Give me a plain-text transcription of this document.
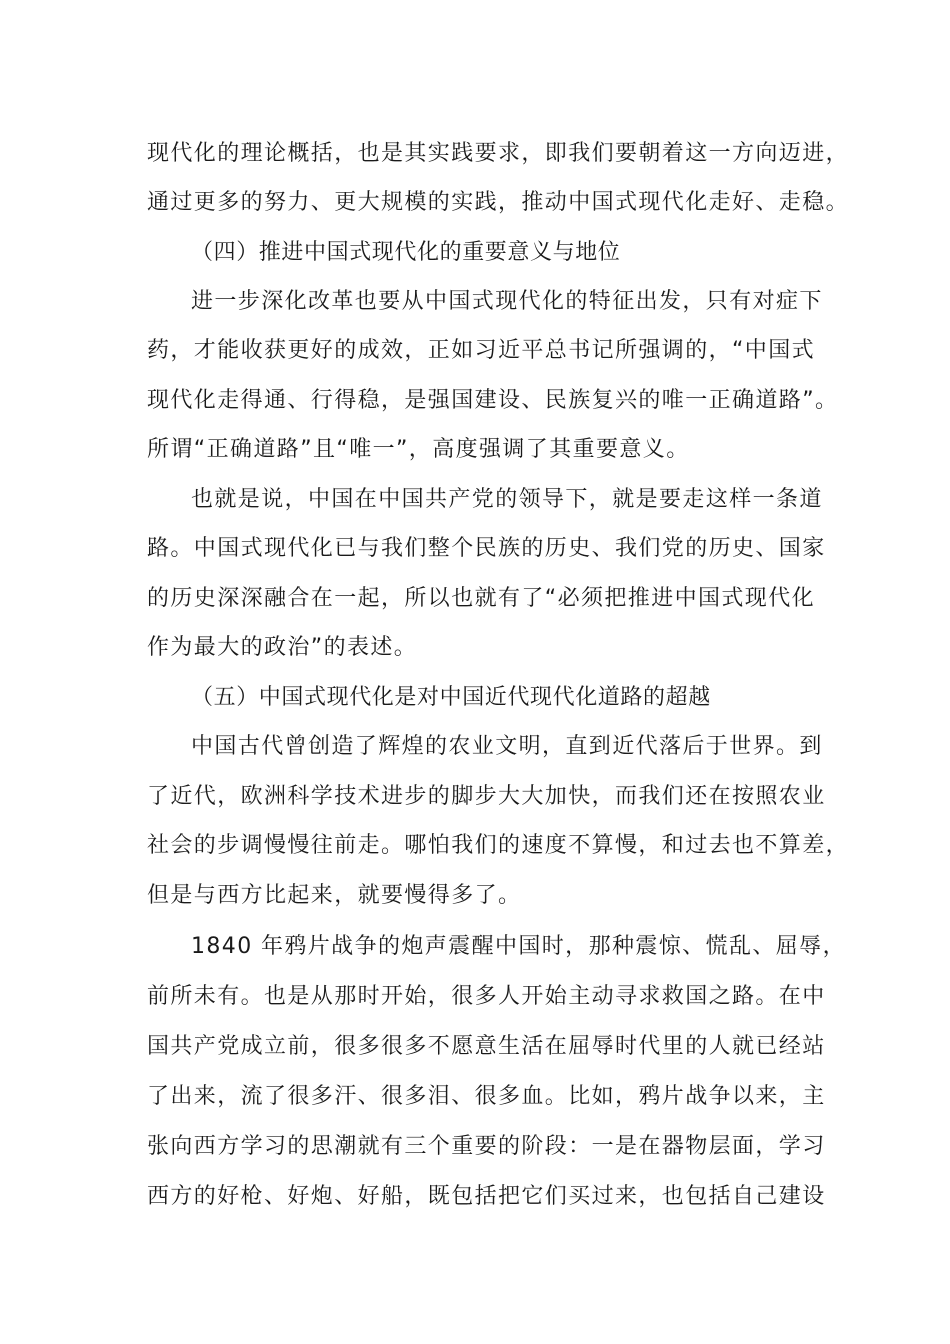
现代化的理论概括，也是其实践要求，即我们要朝着这一方向迈进，
通过更多的努力、更大规模的实践，推动中国式现代化走好、走稳。
（四）推进中国式现代化的重要意义与地位
进一步深化改革也要从中国式现代化的特征出发，只有对症下
药，才能收获更好的成效，正如习近平总书记所强调的，“中国式
现代化走得通、行得稳，是强国建设、民族复兴的唯一正确道路”。
所谓“正确道路”且“唯一”，高度强调了其重要意义。
也就是说，中国在中国共产党的领导下，就是要走这样一条道
路。中国式现代化已与我们整个民族的历史、我们党的历史、国家
的历史深深融合在一起，所以也就有了“必须把推进中国式现代化
作为最大的政治”的表述。
（五）中国式现代化是对中国近代现代化道路的超越
中国古代曾创造了辉煌的农业文明，直到近代落后于世界。到
了近代，欧洲科学技术进步的脚步大大加快，而我们还在按照农业
社会的步调慢慢往前走。哪怕我们的速度不算慢，和过去也不算差，
但是与西方比起来，就要慢得多了。
1840 年鸦片战争的炮声震醒中国时，那种震惊、慌乱、屈辱，
前所未有。也是从那时开始，很多人开始主动寻求救国之路。在中
国共产党成立前，很多很多不愿意生活在屈辱时代里的人就已经站
了出来，流了很多汗、很多泪、很多血。比如，鸦片战争以来，主
张向西方学习的思潮就有三个重要的阶段：一是在器物层面，学习
西方的好枪、好炮、好船，既包括把它们买过来，也包括自己建设
